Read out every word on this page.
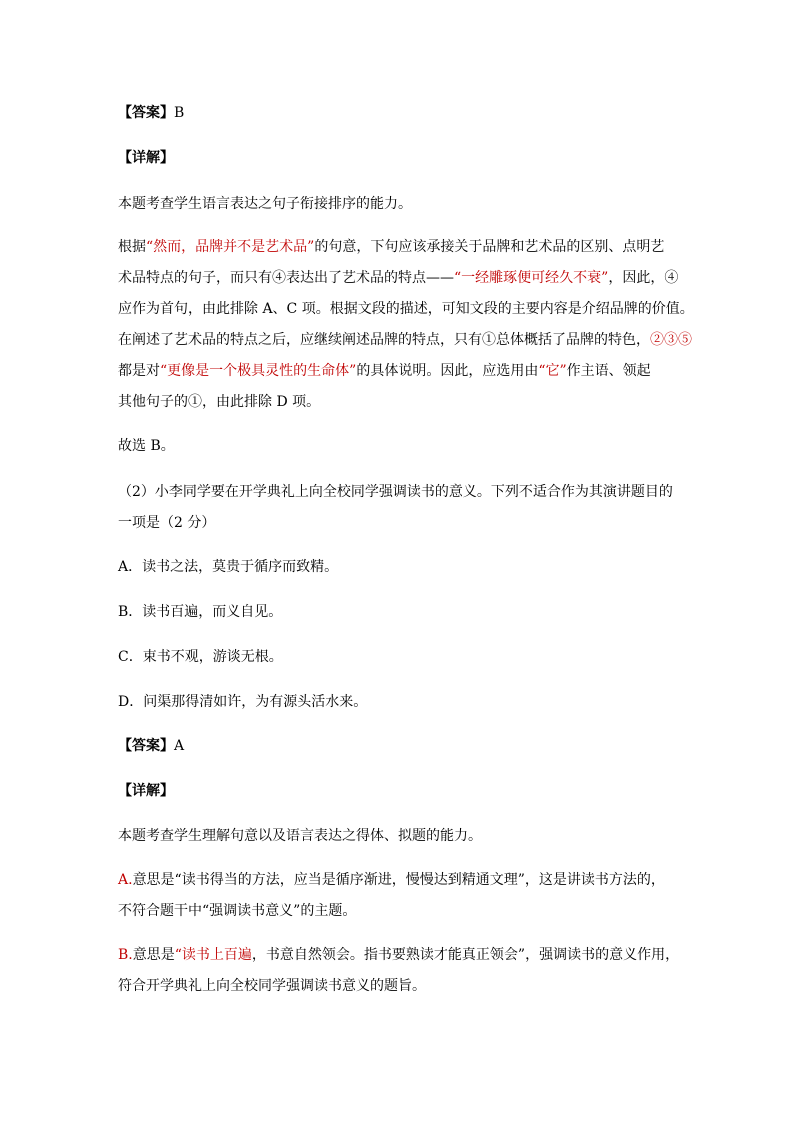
【答案】B
【详解】
本题考查学生语言表达之句子衔接排序的能力。
根据“然而，品牌并不是艺术品”的句意，下句应该承接关于品牌和艺术品的区别、点明艺
术品特点的句子，而只有④表达出了艺术品的特点——“一经雕琢便可经久不衰”，因此，④
应作为首句，由此排除 A、C 项。根据文段的描述，可知文段的主要内容是介绍品牌的价值。
在阐述了艺术品的特点之后，应继续阐述品牌的特点，只有①总体概括了品牌的特色，②③⑤
都是对“更像是一个极具灵性的生命体”的具体说明。因此，应选用由“它”作主语、领起
其他句子的①，由此排除 D 项。
故选 B。
（2）小李同学要在开学典礼上向全校同学强调读书的意义。下列不适合作为其演讲题目的
一项是（2 分）
A．读书之法，莫贵于循序而致精。
B．读书百遍，而义自见。
C．束书不观，游谈无根。
D．问渠那得清如许，为有源头活水来。
【答案】A
【详解】
本题考查学生理解句意以及语言表达之得体、拟题的能力。
A.意思是“读书得当的方法，应当是循序渐进，慢慢达到精通文理”，这是讲读书方法的，
不符合题干中“强调读书意义”的主题。
B.意思是“读书上百遍，书意自然领会。指书要熟读才能真正领会”，强调读书的意义作用，
符合开学典礼上向全校同学强调读书意义的题旨。
